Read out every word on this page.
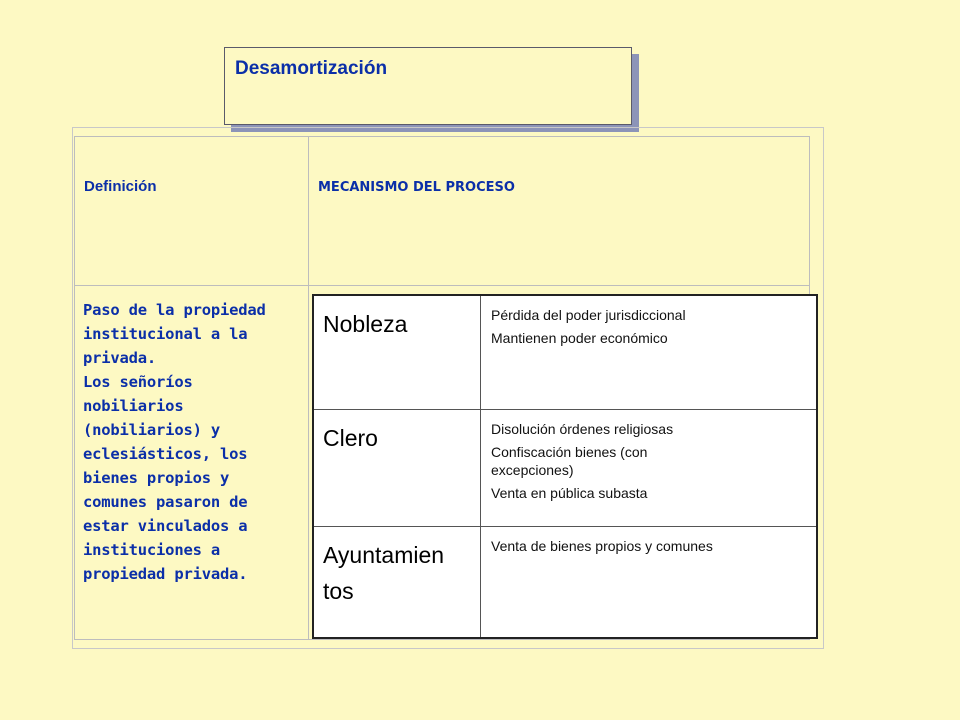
Desamortización
Definición	MECANISMO DEL PROCESO
Paso de la propiedad
institucional a la
privada.
Los señoríos
nobiliarios
(nobiliarios) y
eclesiásticos, los
bienes propios y
comunes pasaron de
estar vinculados a
instituciones a
propiedad privada.
Nobleza	Pérdida del poder jurisdiccional
Mantienen poder económico

Clero	Disolución órdenes religiosas
Confiscación bienes (con excepciones)
Venta en pública subasta

Ayuntamien tos	Venta de bienes propios y comunes
